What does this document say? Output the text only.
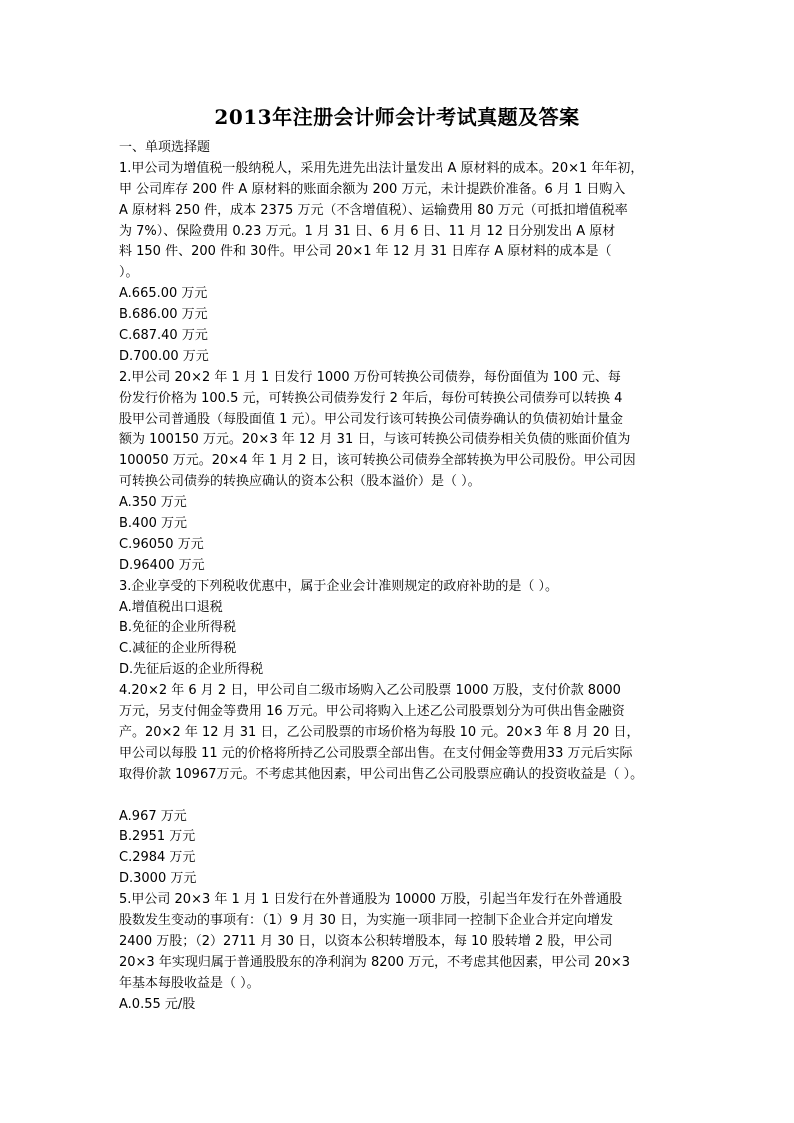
2013年注册会计师会计考试真题及答案
一、单项选择题
1.甲公司为增值税一般纳税人，采用先进先出法计量发出 A 原材料的成本。20×1 年年初，
甲 公司库存 200 件 A 原材料的账面余额为 200 万元，未计提跌价准备。6 月 1 日购入
A 原材料 250 件，成本 2375 万元（不含增值税）、运输费用 80 万元（可抵扣增值税率
为 7%）、保险费用 0.23 万元。1 月 31 日、6 月 6 日、11 月 12 日分别发出 A 原材
料 150 件、200 件和 30件。甲公司 20×1 年 12 月 31 日库存 A 原材料的成本是（
）。
A.665.00 万元
B.686.00 万元
C.687.40 万元
D.700.00 万元
2.甲公司 20×2 年 1 月 1 日发行 1000 万份可转换公司债券，每份面值为 100 元、每
份发行价格为 100.5 元，可转换公司债券发行 2 年后，每份可转换公司债券可以转换 4
股甲公司普通股（每股面值 1 元）。甲公司发行该可转换公司债券确认的负债初始计量金
额为 100150 万元。20×3 年 12 月 31 日，与该可转换公司债券相关负债的账面价值为
100050 万元。20×4 年 1 月 2 日，该可转换公司债券全部转换为甲公司股份。甲公司因
可转换公司债券的转换应确认的资本公积（股本溢价）是（ ）。
A.350 万元
B.400 万元
C.96050 万元
D.96400 万元
3.企业享受的下列税收优惠中，属于企业会计准则规定的政府补助的是（ ）。
A.增值税出口退税
B.免征的企业所得税
C.减征的企业所得税
D.先征后返的企业所得税
4.20×2 年 6 月 2 日，甲公司自二级市场购入乙公司股票 1000 万股，支付价款 8000
万元，另支付佣金等费用 16 万元。甲公司将购入上述乙公司股票划分为可供出售金融资
产。20×2 年 12 月 31 日，乙公司股票的市场价格为每股 10 元。20×3 年 8 月 20 日，
甲公司以每股 11 元的价格将所持乙公司股票全部出售。在支付佣金等费用33 万元后实际
取得价款 10967万元。不考虑其他因素，甲公司出售乙公司股票应确认的投资收益是（ ）。
A.967 万元
B.2951 万元
C.2984 万元
D.3000 万元
5.甲公司 20×3 年 1 月 1 日发行在外普通股为 10000 万股，引起当年发行在外普通股
股数发生变动的事项有：（1）9 月 30 日，为实施一项非同一控制下企业合并定向增发
2400 万股；（2）2711 月 30 日，以资本公积转增股本，每 10 股转增 2 股，甲公司
20×3 年实现归属于普通股股东的净利润为 8200 万元，不考虑其他因素，甲公司 20×3
年基本每股收益是（ ）。
A.0.55 元/股
